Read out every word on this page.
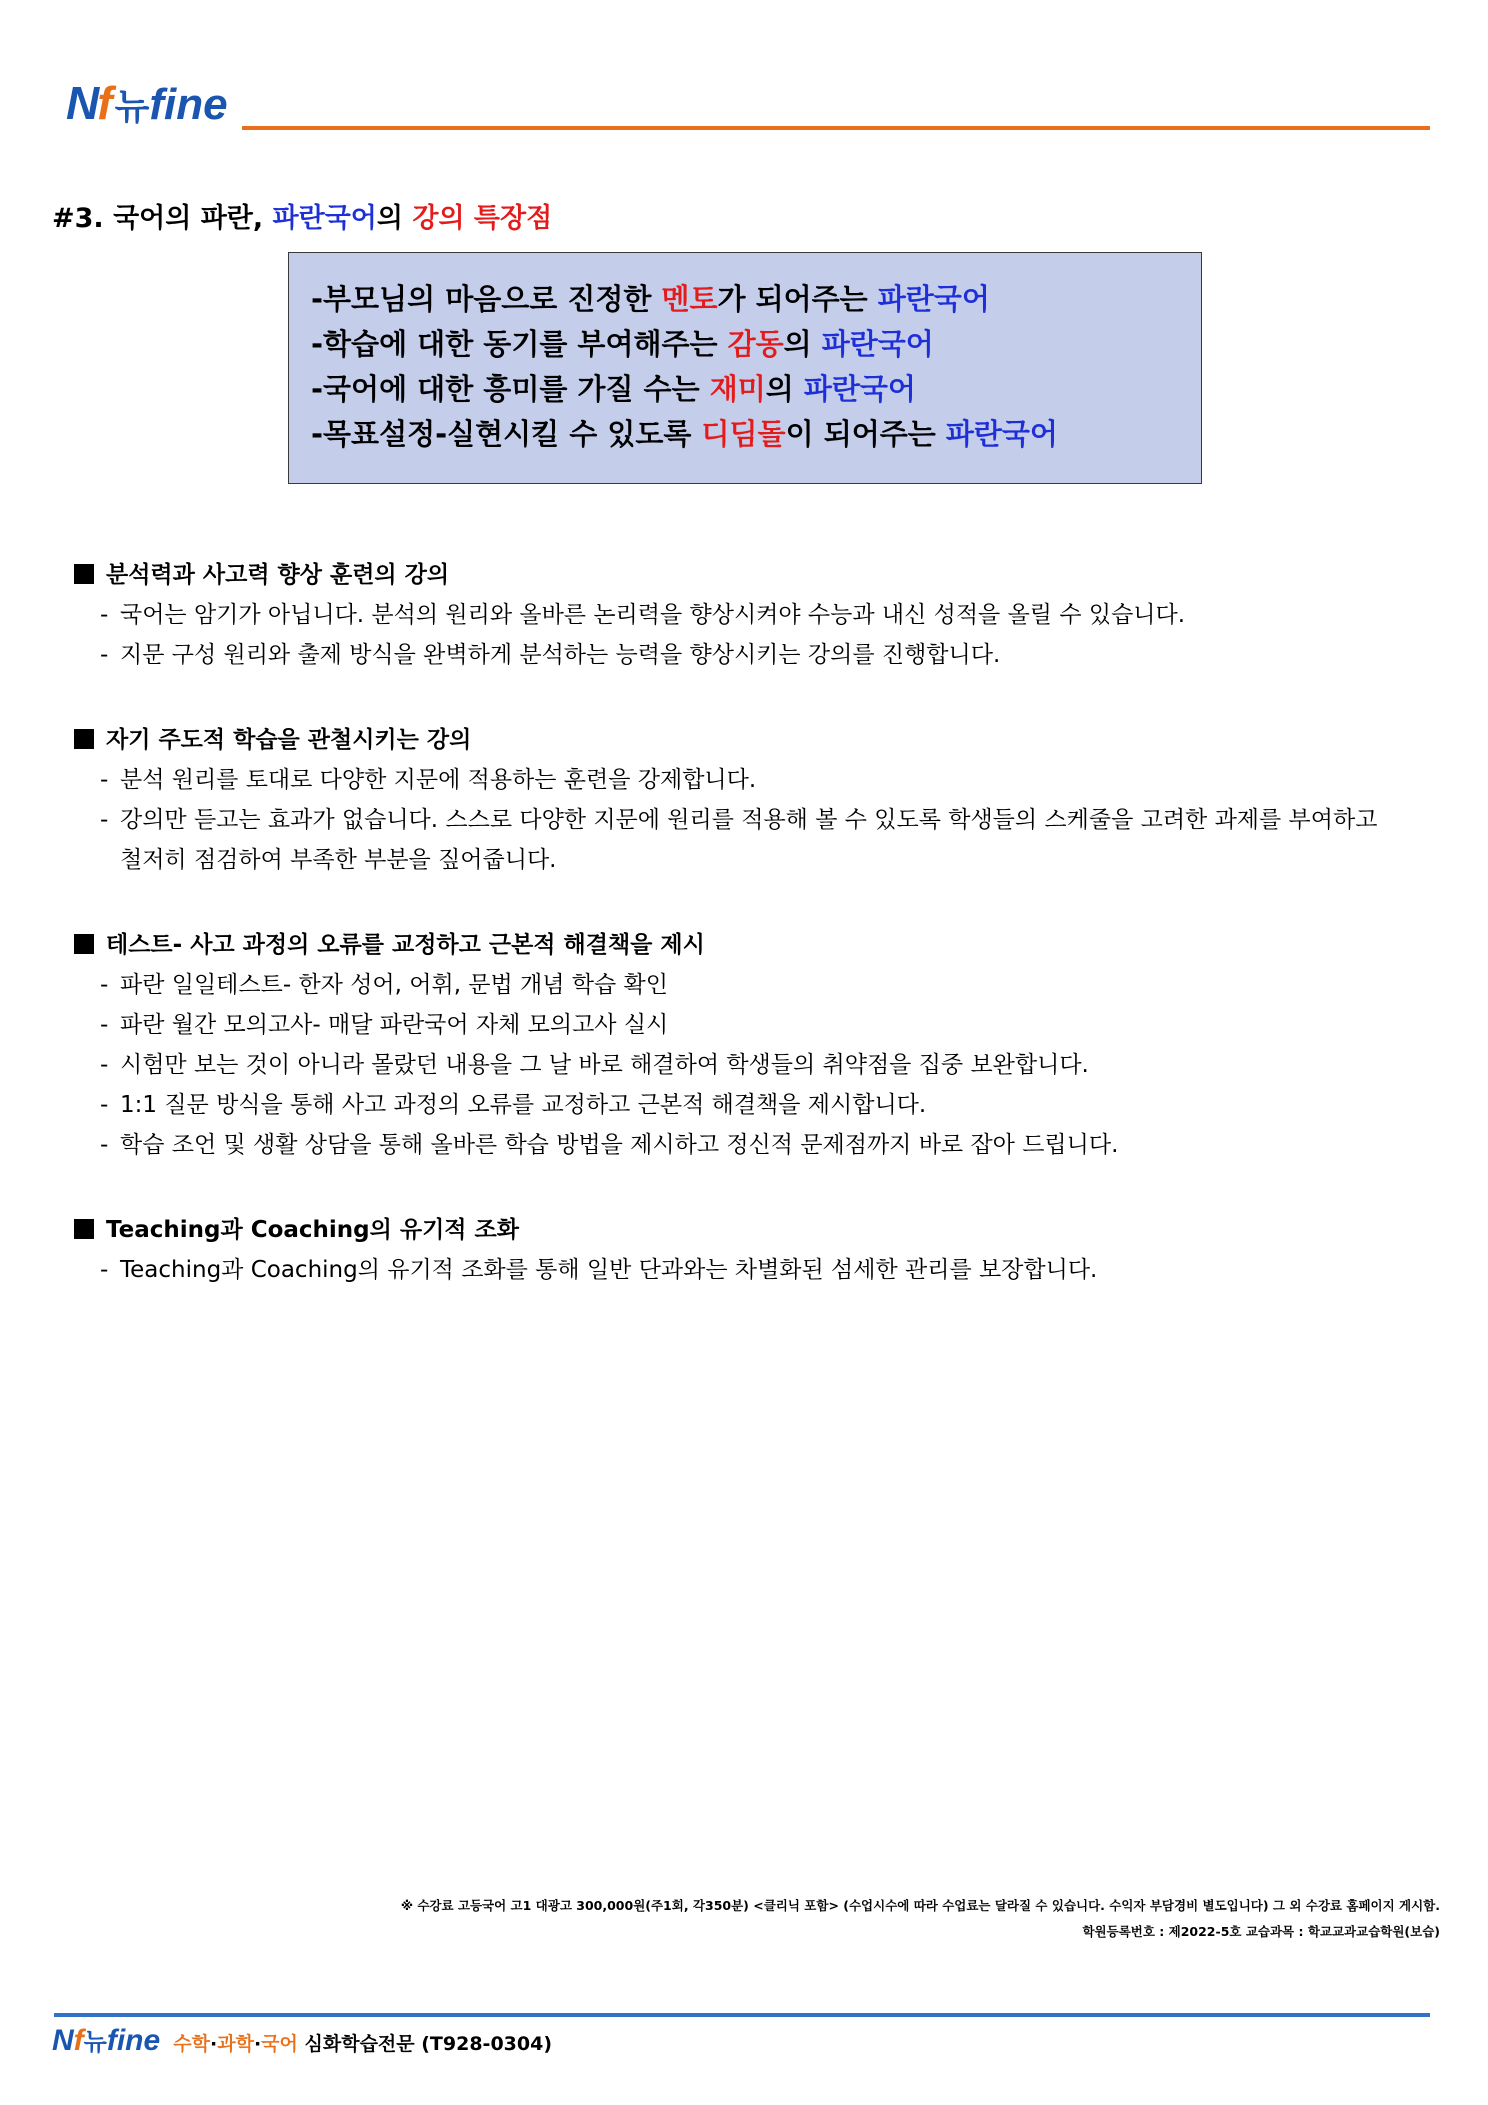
Nf 뉴fine
#3. 국어의 파란, 파란국어의 강의 특장점
-부모님의 마음으로 진정한 멘토가 되어주는 파란국어
-학습에 대한 동기를 부여해주는 감동의 파란국어
-국어에 대한 흥미를 가질 수는 재미의 파란국어
-목표설정-실현시킬 수 있도록 디딤돌이 되어주는 파란국어
분석력과 사고력 향상 훈련의 강의
- 국어는 암기가 아닙니다. 분석의 원리와 올바른 논리력을 향상시켜야 수능과 내신 성적을 올릴 수 있습니다.
- 지문 구성 원리와 출제 방식을 완벽하게 분석하는 능력을 향상시키는 강의를 진행합니다.
자기 주도적 학습을 관철시키는 강의
- 분석 원리를 토대로 다양한 지문에 적용하는 훈련을 강제합니다.
- 강의만 듣고는 효과가 없습니다. 스스로 다양한 지문에 원리를 적용해 볼 수 있도록 학생들의 스케줄을 고려한 과제를 부여하고 철저히 점검하여 부족한 부분을 짚어줍니다.
테스트- 사고 과정의 오류를 교정하고 근본적 해결책을 제시
- 파란 일일테스트- 한자 성어, 어휘, 문법 개념 학습 확인
- 파란 월간 모의고사- 매달 파란국어 자체 모의고사 실시
- 시험만 보는 것이 아니라 몰랐던 내용을 그 날 바로 해결하여 학생들의 취약점을 집중 보완합니다.
- 1:1 질문 방식을 통해 사고 과정의 오류를 교정하고 근본적 해결책을 제시합니다.
- 학습 조언 및 생활 상담을 통해 올바른 학습 방법을 제시하고 정신적 문제점까지 바로 잡아 드립니다.
Teaching과 Coaching의 유기적 조화
- Teaching과 Coaching의 유기적 조화를 통해 일반 단과와는 차별화된 섬세한 관리를 보장합니다.
※ 수강료 고등국어 고1 대광고 300,000원(주1회, 각350분) <클리닉 포함> (수업시수에 따라 수업료는 달라질 수 있습니다. 수익자 부담경비 별도입니다) 그 외 수강료 홈페이지 게시함.
학원등록번호 : 제2022-5호 교습과목 : 학교교과교습학원(보습)
Nf뉴fine 수학·과학·국어 심화학습전문 (T928-0304)
